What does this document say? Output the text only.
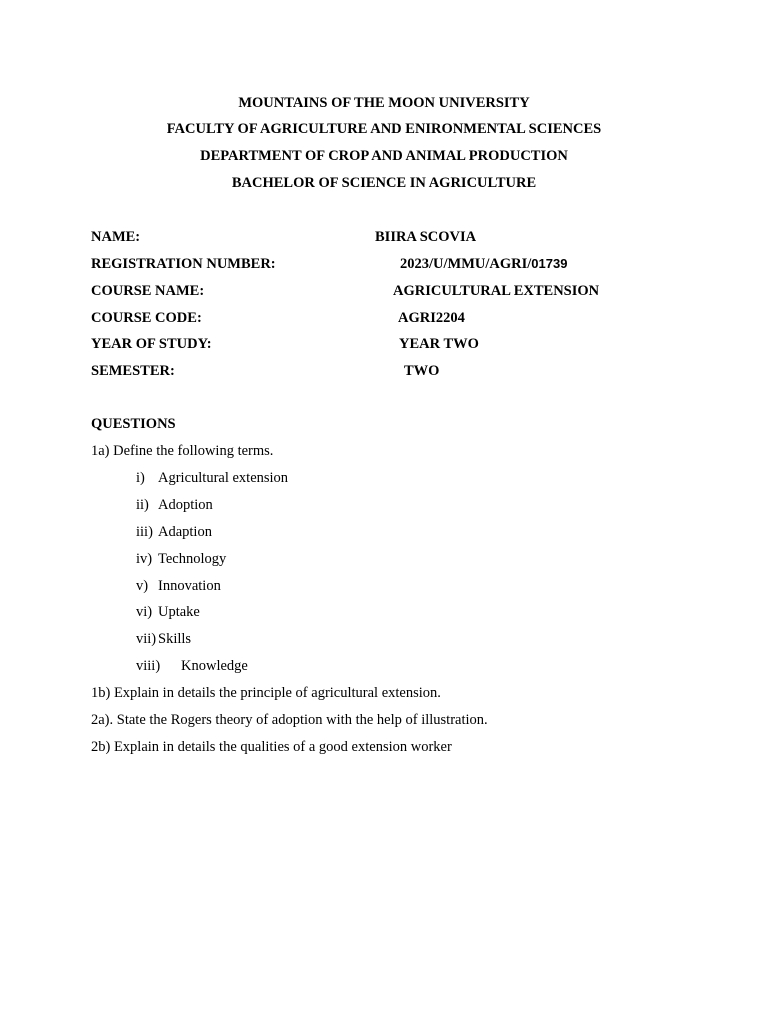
MOUNTAINS OF THE MOON UNIVERSITY
FACULTY OF AGRICULTURE AND ENIRONMENTAL SCIENCES
DEPARTMENT OF CROP AND ANIMAL PRODUCTION
BACHELOR OF SCIENCE IN AGRICULTURE
NAME:	BIIRA SCOVIA
REGISTRATION NUMBER:	2023/U/MMU/AGRI/01739
COURSE NAME:	AGRICULTURAL EXTENSION
COURSE CODE:	AGRI2204
YEAR OF STUDY:	YEAR TWO
SEMESTER:	TWO
QUESTIONS
1a) Define the following terms.
i) Agricultural extension
ii) Adoption
iii) Adaption
iv) Technology
v) Innovation
vi) Uptake
vii) Skills
viii) Knowledge
1b) Explain in details the principle of agricultural extension.
2a). State the Rogers theory of adoption with the help of illustration.
2b) Explain in details the qualities of a good extension worker
